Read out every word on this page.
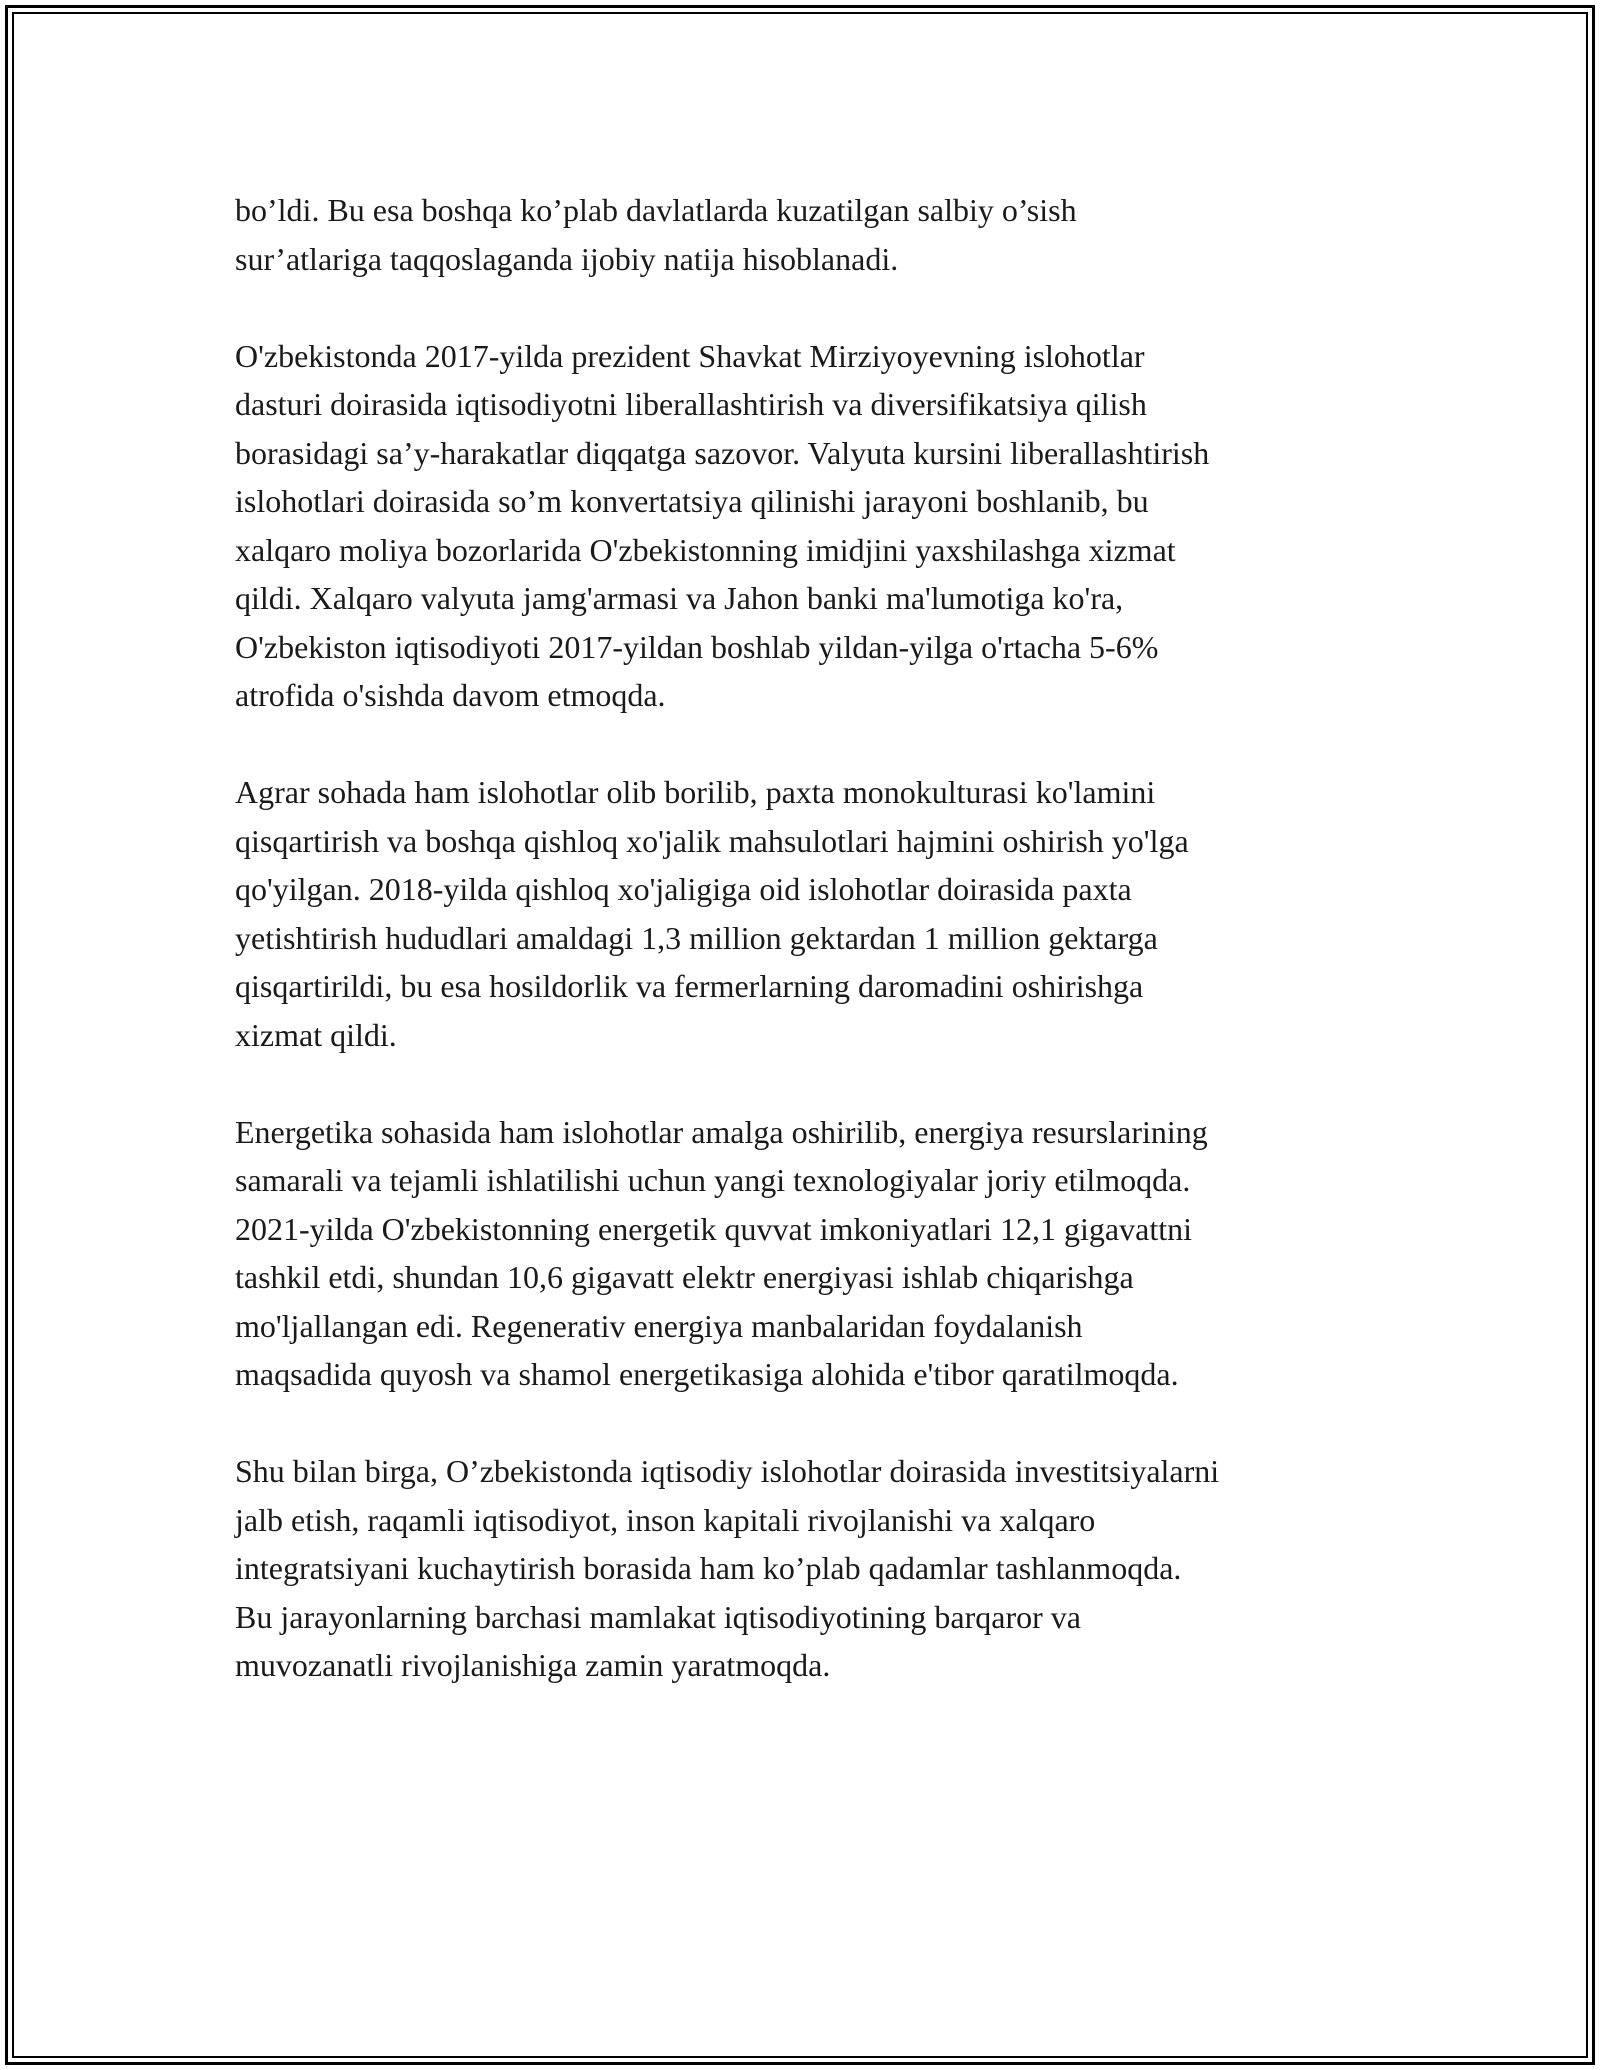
bo’ldi. Bu esa boshqa ko’plab davlatlarda kuzatilgan salbiy o’sish
sur’atlariga taqqoslaganda ijobiy natija hisoblanadi.

O'zbekistonda 2017-yilda prezident Shavkat Mirziyoyevning islohotlar
dasturi doirasida iqtisodiyotni liberallashtirish va diversifikatsiya qilish
borasidagi sa’y-harakatlar diqqatga sazovor. Valyuta kursini liberallashtirish
islohotlari doirasida so’m konvertatsiya qilinishi jarayoni boshlanib, bu
xalqaro moliya bozorlarida O'zbekistonning imidjini yaxshilashga xizmat
qildi. Xalqaro valyuta jamg'armasi va Jahon banki ma'lumotiga ko'ra,
O'zbekiston iqtisodiyoti 2017-yildan boshlab yildan-yilga o'rtacha 5-6%
atrofida o'sishda davom etmoqda.

Agrar sohada ham islohotlar olib borilib, paxta monokulturasi ko'lamini
qisqartirish va boshqa qishloq xo'jalik mahsulotlari hajmini oshirish yo'lga
qo'yilgan. 2018-yilda qishloq xo'jaligiga oid islohotlar doirasida paxta
yetishtirish hududlari amaldagi 1,3 million gektardan 1 million gektarga
qisqartirildi, bu esa hosildorlik va fermerlarning daromadini oshirishga
xizmat qildi.

Energetika sohasida ham islohotlar amalga oshirilib, energiya resurslarining
samarali va tejamli ishlatilishi uchun yangi texnologiyalar joriy etilmoqda.
2021-yilda O'zbekistonning energetik quvvat imkoniyatlari 12,1 gigavattni
tashkil etdi, shundan 10,6 gigavatt elektr energiyasi ishlab chiqarishga
mo'ljallangan edi. Regenerativ energiya manbalaridan foydalanish
maqsadida quyosh va shamol energetikasiga alohida e'tibor qaratilmoqda.

Shu bilan birga, O’zbekistonda iqtisodiy islohotlar doirasida investitsiyalarni
jalb etish, raqamli iqtisodiyot, inson kapitali rivojlanishi va xalqaro
integratsiyani kuchaytirish borasida ham ko’plab qadamlar tashlanmoqda.
Bu jarayonlarning barchasi mamlakat iqtisodiyotining barqaror va
muvozanatli rivojlanishiga zamin yaratmoqda.
